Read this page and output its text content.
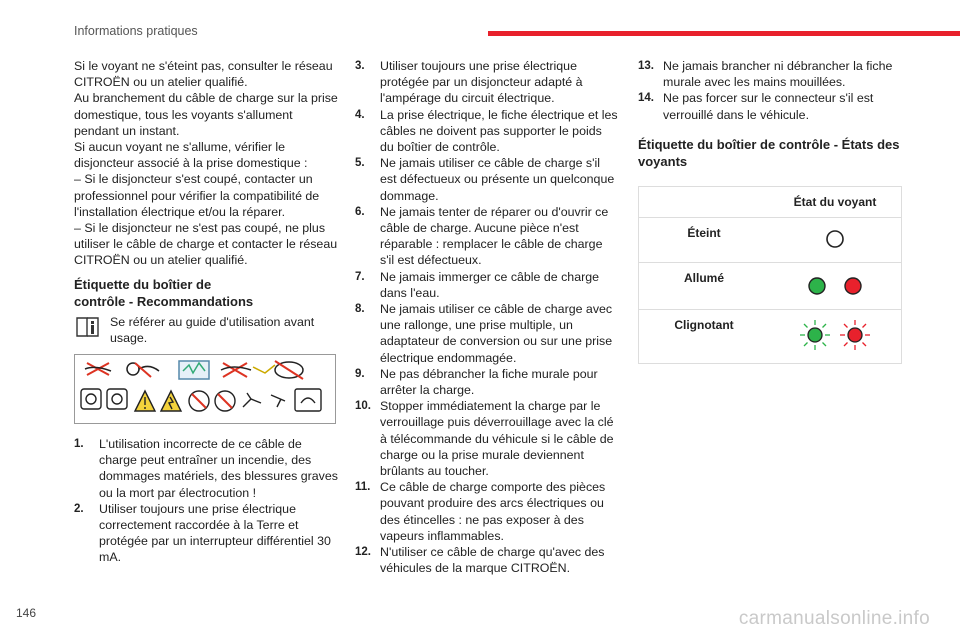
Informations pratiques

Si le voyant ne s'éteint pas, consulter le réseau CITROËN ou un atelier qualifié.

Au branchement du câble de charge sur la prise domestique, tous les voyants s'allument pendant un instant.

Si aucun voyant ne s'allume, vérifier le disjoncteur associé à la prise domestique :

– Si le disjoncteur s'est coupé, contacter un professionnel pour vérifier la compatibilité de l'installation électrique et/ou la réparer.

– Si le disjoncteur ne s'est pas coupé, ne plus utiliser le câble de charge et contacter le réseau CITROËN ou un atelier qualifié.

Étiquette du boîtier de

contrôle - Recommandations

Se référer au guide d'utilisation avant usage.
1.	L'utilisation incorrecte de ce câble de charge peut entraîner un incendie, des dommages matériels, des blessures graves ou la mort par électrocution !
2.	Utiliser toujours une prise électrique correctement raccordée à la Terre et protégée par un interrupteur différentiel 30 mA.
3.	Utiliser toujours une prise électrique protégée par un disjoncteur adapté à l'ampérage du circuit électrique.
4.	La prise électrique, le fiche électrique et les câbles ne doivent pas supporter le poids du boîtier de contrôle.
5.	Ne jamais utiliser ce câble de charge s'il est défectueux ou présente un quelconque dommage.
6.	Ne jamais tenter de réparer ou d'ouvrir ce câble de charge. Aucune pièce n'est réparable : remplacer le câble de charge s'il est défectueux.
7.	Ne jamais immerger ce câble de charge dans l'eau.
8.	Ne jamais utiliser ce câble de charge avec une rallonge, une prise multiple, un adaptateur de conversion ou sur une prise électrique endommagée.
9.	Ne pas débrancher la fiche murale pour arrêter la charge.
10. Stopper immédiatement la charge par le verrouillage puis déverrouillage avec la clé à télécommande du véhicule si le câble de charge ou la prise murale deviennent brûlants au toucher.
11. Ce câble de charge comporte des pièces pouvant produire des arcs électriques ou des étincelles : ne pas exposer à des vapeurs inflammables.
12. N'utiliser ce câble de charge qu'avec des véhicules de la marque CITROËN.
13. Ne jamais brancher ni débrancher la fiche murale avec les mains mouillées.
14. Ne pas forcer sur le connecteur s'il est verrouillé dans le véhicule.

Étiquette du boîtier de contrôle - États des voyants

	État du voyant
Éteint	
Allumé	
Clignotant	
146	carmanualsonline.info
